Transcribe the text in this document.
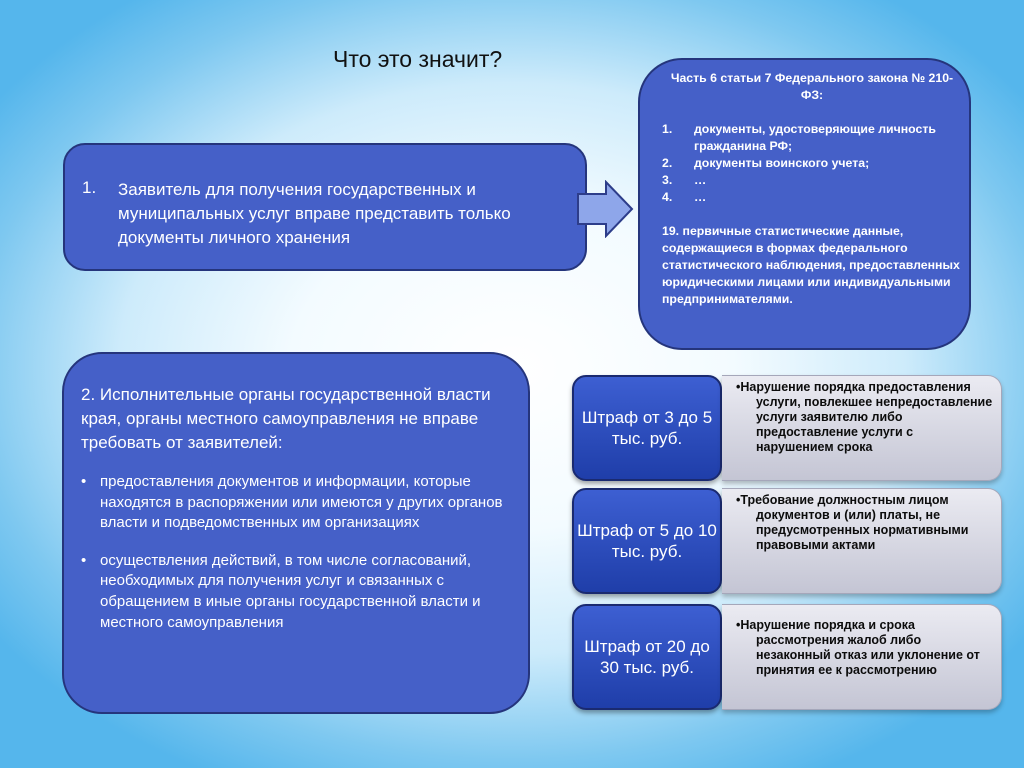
Что это значит?
1. Заявитель для получения государственных и муниципальных услуг вправе представить только документы личного хранения
Часть 6 статьи 7 Федерального закона № 210-ФЗ:
1. документы, удостоверяющие личность гражданина РФ;
2. документы воинского учета;
3. …
4. …
19. первичные статистические данные, содержащиеся в формах федерального статистического наблюдения, предоставленных юридическими лицами или индивидуальными предпринимателями.
2. Исполнительные органы государственной власти края, органы местного самоуправления не вправе требовать от заявителей:
• предоставления документов и информации, которые находятся в распоряжении или имеются у других органов власти и подведомственных им организациях
• осуществления действий, в том числе согласований, необходимых для получения услуг и связанных с обращением в иные органы государственной власти и местного самоуправления
Штраф от 3 до 5 тыс. руб.
•Нарушение порядка предоставления услуги, повлекшее непредоставление услуги заявителю либо предоставление услуги с нарушением срока
Штраф от 5 до 10 тыс. руб.
•Требование должностным лицом документов и (или) платы, не предусмотренных нормативными правовыми актами
Штраф от 20 до 30 тыс. руб.
•Нарушение порядка и срока рассмотрения жалоб либо незаконный отказ или уклонение от принятия ее к рассмотрению
